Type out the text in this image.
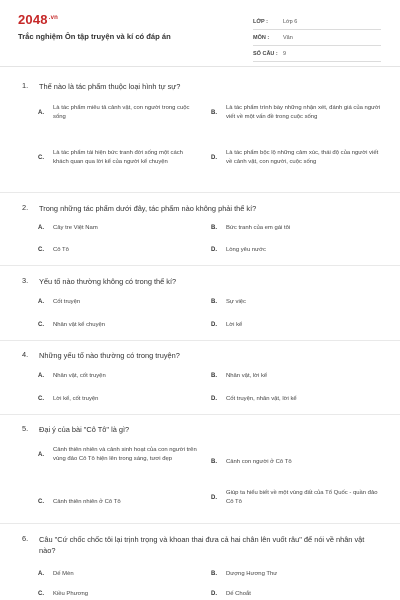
$2048^{.vn}$
Trắc nghiệm Ôn tập truyện và kí có đáp án
LỚP :	Lớp 6
MÔN :	Văn
SỐ CÂU : 9
1. Thế nào là tác phẩm thuộc loại hình tự sự?
A.
Là tác phẩm miêu tả cảnh vật, con người trong cuộc sống
B.
Là tác phẩm trình bày những nhận xét, đánh giá của người viết về một vấn đề trong cuộc sống
C.
Là tác phẩm tái hiện bức tranh đời sống một cách khách quan qua lời kể của người kể chuyện
D.
Là tác phẩm bộc lộ những cảm xúc, thái độ của người viết về cảnh vật, con người, cuộc sống
2. Trong những tác phẩm dưới đây, tác phẩm nào không phải thể kí?
A.	Cây tre Việt Nam	B.	Bức tranh của em gái tôi
C.	Cô Tô	D.	Lòng yêu nước
3. Yếu tố nào thường không có trong thể kí?
A.	Cốt truyện	B.	Sự việc
C.	Nhân vật kể chuyện	D.	Lời kể
4. Những yếu tố nào thường có trong truyện?
A.	Nhân vật, cốt truyện	B.	Nhân vật, lời kể
C.	Lời kể, cốt truyện	D.	Cốt truyện, nhân vật, lời kể
5. Đại ý của bài "Cô Tô" là gì?
A.
Cảnh thiên nhiên và cảnh sinh hoạt của con người trên vùng đảo Cô Tô hiện lên trong sáng, tươi đẹp	B.	Cảnh con người ở Cô Tô
C.	Cảnh thiên nhiên ở Cô Tô
D.
Giúp ta hiểu biết về một vùng đất của Tổ Quốc - quần đảo Cô Tô
6. Câu "Cứ chốc chốc tôi lại trịnh trọng và khoan thai đưa cả hai chân lên vuốt râu" để nói về nhân vật nào?
A.	Dế Mèn	B.	Dượng Hương Thư
C.	Kiều Phương	D.	Dế Choắt
